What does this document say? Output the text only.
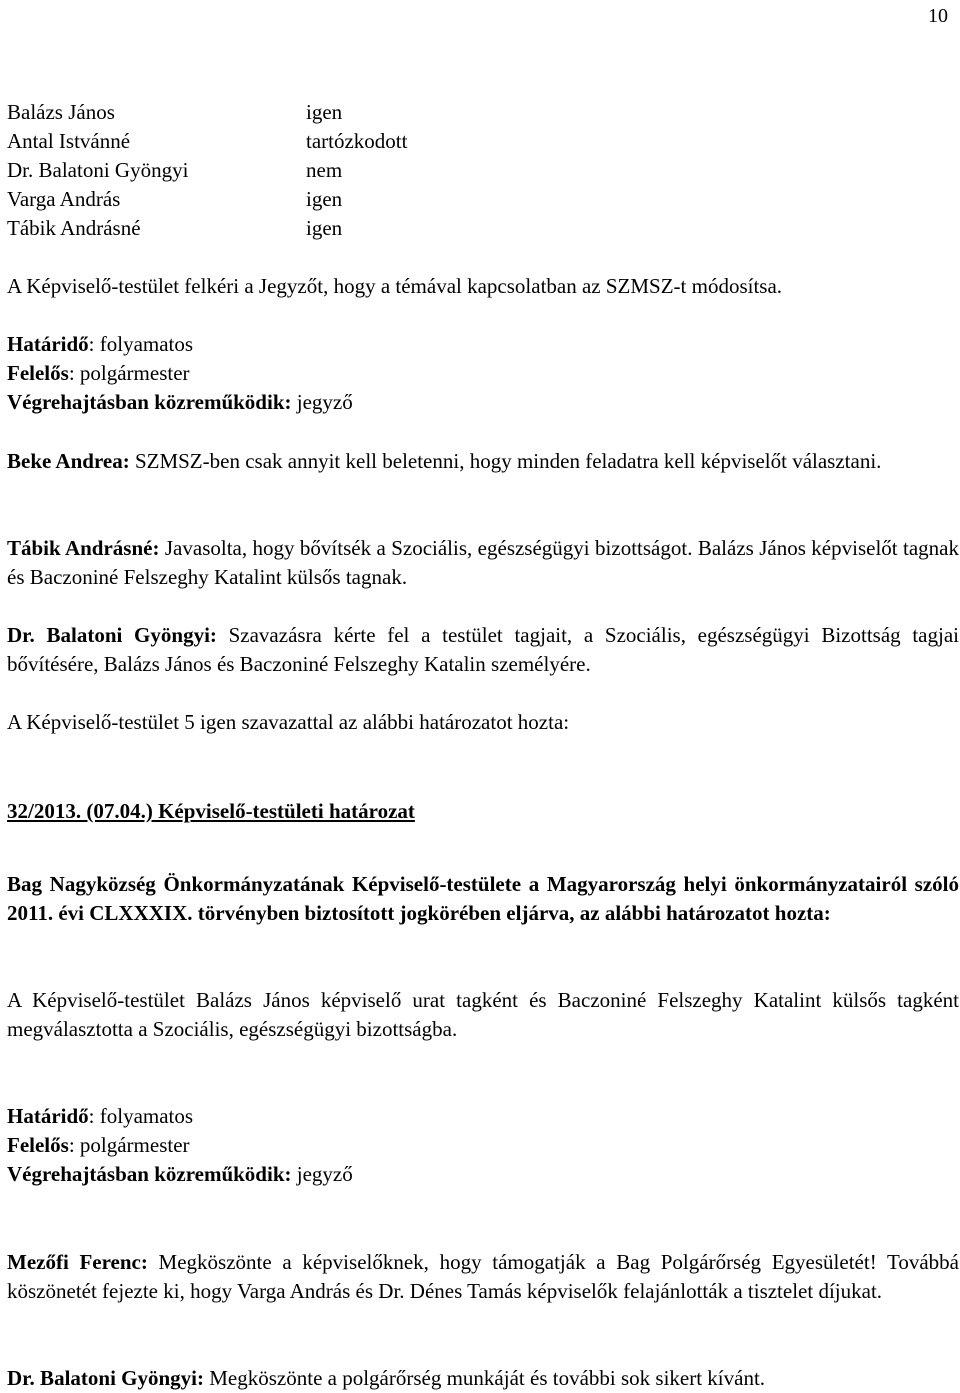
10
Balázs János	igen
Antal Istvánné	tartózkodott
Dr. Balatoni Gyöngyi	nem
Varga András	igen
Tábik Andrásné	igen
A Képviselő-testület felkéri a Jegyzőt, hogy a témával kapcsolatban az SZMSZ-t módosítsa.
Határidő: folyamatos
Felelős: polgármester
Végrehajtásban közreműködik: jegyző
Beke Andrea: SZMSZ-ben csak annyit kell beletenni, hogy minden feladatra kell képviselőt választani.
Tábik Andrásné: Javasolta, hogy bővítsék a Szociális, egészségügyi bizottságot. Balázs János képviselőt tagnak és Baczoniné Felszeghy Katalint külsős tagnak.
Dr. Balatoni Gyöngyi: Szavazásra kérte fel a testület tagjait, a Szociális, egészségügyi Bizottság tagjai bővítésére, Balázs János és Baczoniné Felszeghy Katalin személyére.
A Képviselő-testület 5 igen szavazattal az alábbi határozatot hozta:
32/2013. (07.04.) Képviselő-testületi határozat
Bag Nagyközség Önkormányzatának Képviselő-testülete a Magyarország helyi önkormányzatairól szóló 2011. évi CLXXXIX. törvényben biztosított jogkörében eljárva, az alábbi határozatot hozta:
A Képviselő-testület Balázs János képviselő urat tagként és Baczoniné Felszeghy Katalint külsős tagként megválasztotta a Szociális, egészségügyi bizottságba.
Határidő: folyamatos
Felelős: polgármester
Végrehajtásban közreműködik: jegyző
Mezőfi Ferenc: Megköszönte a képviselőknek, hogy támogatják a Bag Polgárőrség Egyesületét! Továbbá köszönetét fejezte ki, hogy Varga András és Dr. Dénes Tamás képviselők felajánlották a tisztelet díjukat.
Dr. Balatoni Gyöngyi: Megköszönte a polgárőrség munkáját és további sok sikert kívánt.
